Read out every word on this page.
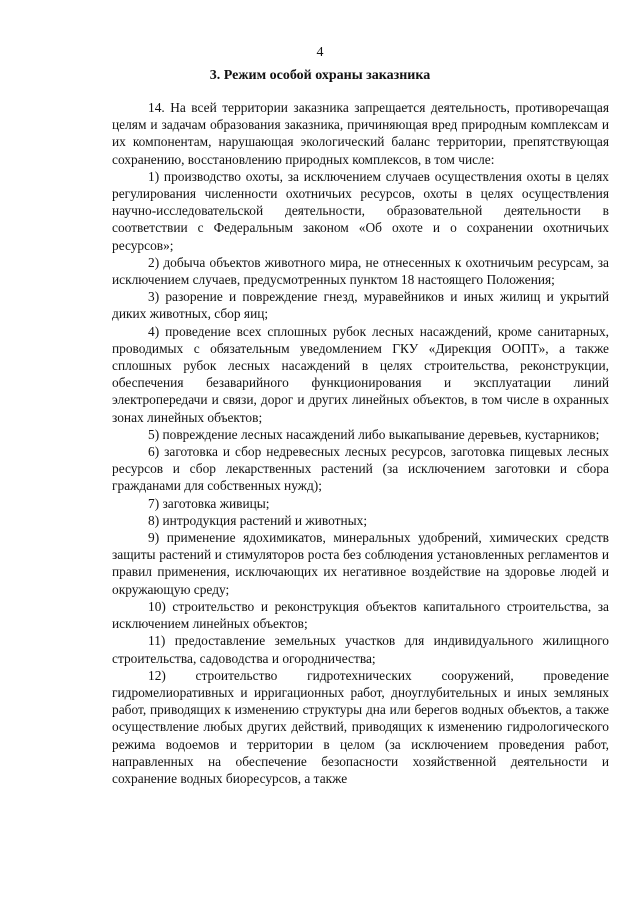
4
3. Режим особой охраны заказника

14. На всей территории заказника запрещается деятельность, противоречащая целям и задачам образования заказника, причиняющая вред природным комплексам и их компонентам, нарушающая экологический баланс территории, препятствующая сохранению, восстановлению природных комплексов, в том числе:

1) производство охоты, за исключением случаев осуществления охоты в целях регулирования численности охотничьих ресурсов, охоты в целях осуществления научно-исследовательской деятельности, образовательной деятельности в соответствии с Федеральным законом «Об охоте и о сохранении охотничьих ресурсов»;

2) добыча объектов животного мира, не отнесенных к охотничьим ресурсам, за исключением случаев, предусмотренных пунктом 18 настоящего Положения;

3) разорение и повреждение гнезд, муравейников и иных жилищ и укрытий диких животных, сбор яиц;

4) проведение всех сплошных рубок лесных насаждений, кроме санитарных, проводимых с обязательным уведомлением ГКУ «Дирекция ООПТ», а также сплошных рубок лесных насаждений в целях строительства, реконструкции, обеспечения безаварийного функционирования и эксплуатации линий электропередачи и связи, дорог и других линейных объектов, в том числе в охранных зонах линейных объектов;

5) повреждение лесных насаждений либо выкапывание деревьев, кустарников;

6) заготовка и сбор недревесных лесных ресурсов, заготовка пищевых лесных ресурсов и сбор лекарственных растений (за исключением заготовки и сбора гражданами для собственных нужд);

7) заготовка живицы;

8) интродукция растений и животных;

9) применение ядохимикатов, минеральных удобрений, химических средств защиты растений и стимуляторов роста без соблюдения установленных регламентов и правил применения, исключающих их негативное воздействие на здоровье людей и окружающую среду;

10) строительство и реконструкция объектов капитального строительства, за исключением линейных объектов;

11) предоставление земельных участков для индивидуального жилищного строительства, садоводства и огородничества;

12) строительство гидротехнических сооружений, проведение гидромелиоративных и ирригационных работ, дноуглубительных и иных земляных работ, приводящих к изменению структуры дна или берегов водных объектов, а также осуществление любых других действий, приводящих к изменению гидрологического режима водоемов и территории в целом (за исключением проведения работ, направленных на обеспечение безопасности хозяйственной деятельности и сохранение водных биоресурсов, а также
